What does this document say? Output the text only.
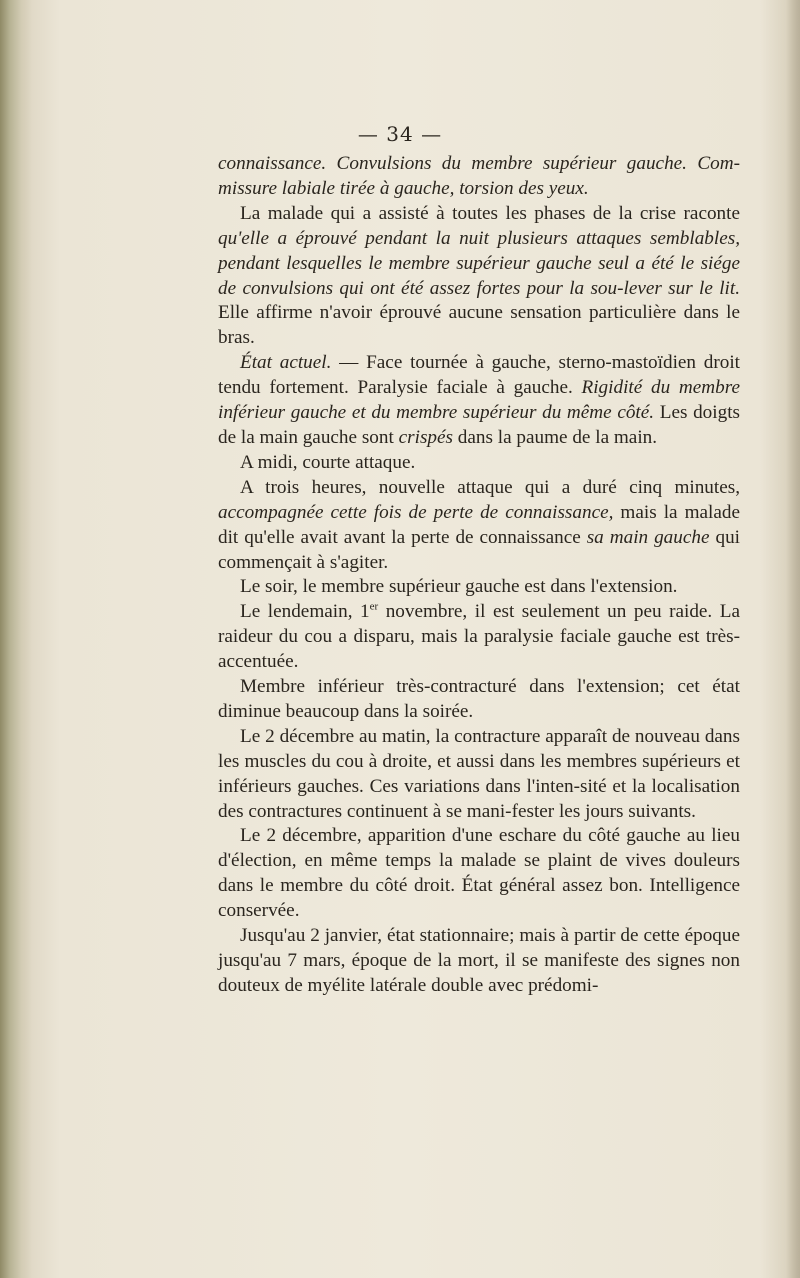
— 34 —

connaissance. Convulsions du membre supérieur gauche. Com-missure labiale tirée à gauche, torsion des yeux.

La malade qui a assisté à toutes les phases de la crise raconte qu'elle a éprouvé pendant la nuit plusieurs attaques semblables, pendant lesquelles le membre supérieur gauche seul a été le siége de convulsions qui ont été assez fortes pour la sou-lever sur le lit. Elle affirme n'avoir éprouvé aucune sensation particulière dans le bras.

État actuel. — Face tournée à gauche, sterno-mastoïdien droit tendu fortement. Paralysie faciale à gauche. Rigidité du membre inférieur gauche et du membre supérieur du même côté. Les doigts de la main gauche sont crispés dans la paume de la main.

A midi, courte attaque.

A trois heures, nouvelle attaque qui a duré cinq minutes, accompagnée cette fois de perte de connaissance, mais la malade dit qu'elle avait avant la perte de connaissance sa main gauche qui commençait à s'agiter.

Le soir, le membre supérieur gauche est dans l'extension.

Le lendemain, 1er novembre, il est seulement un peu raide. La raideur du cou a disparu, mais la paralysie faciale gauche est très-accentuée.

Membre inférieur très-contracturé dans l'extension; cet état diminue beaucoup dans la soirée.

Le 2 décembre au matin, la contracture apparaît de nouveau dans les muscles du cou à droite, et aussi dans les membres supérieurs et inférieurs gauches. Ces variations dans l'inten-sité et la localisation des contractures continuent à se mani-fester les jours suivants.

Le 2 décembre, apparition d'une eschare du côté gauche au lieu d'élection, en même temps la malade se plaint de vives douleurs dans le membre du côté droit. État général assez bon. Intelligence conservée.

Jusqu'au 2 janvier, état stationnaire; mais à partir de cette époque jusqu'au 7 mars, époque de la mort, il se manifeste des signes non douteux de myélite latérale double avec prédomi-
